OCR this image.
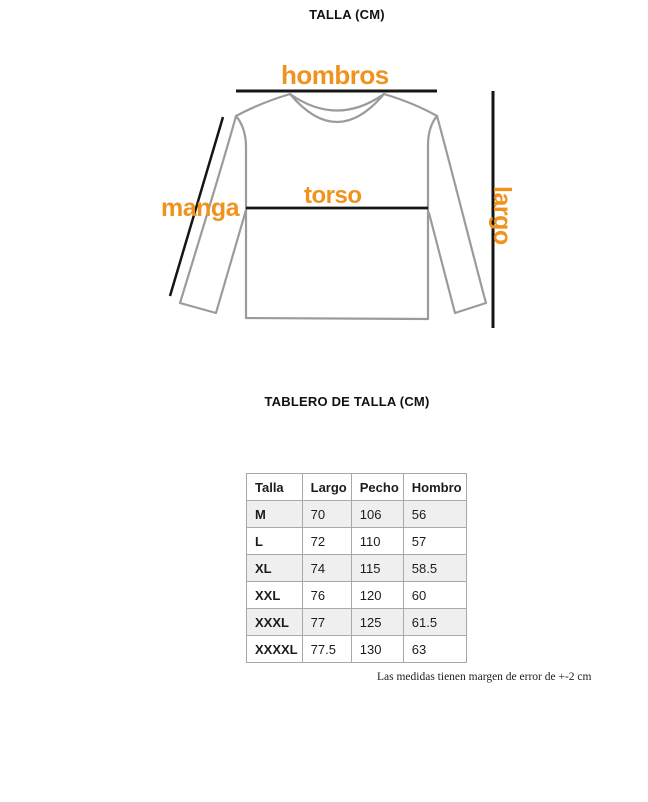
TALLA (CM)
hombros
torso
manga	largo
TABLERO DE TALLA (CM)
Talla	Largo	Pecho	Hombro
M	70	106	56
L	72	110	57
XL	74	115	58.5
XXL	76	120	60
XXXL	77	125	61.5
XXXXL	77.5	130	63
Las medidas tienen margen de error de +-2 cm
